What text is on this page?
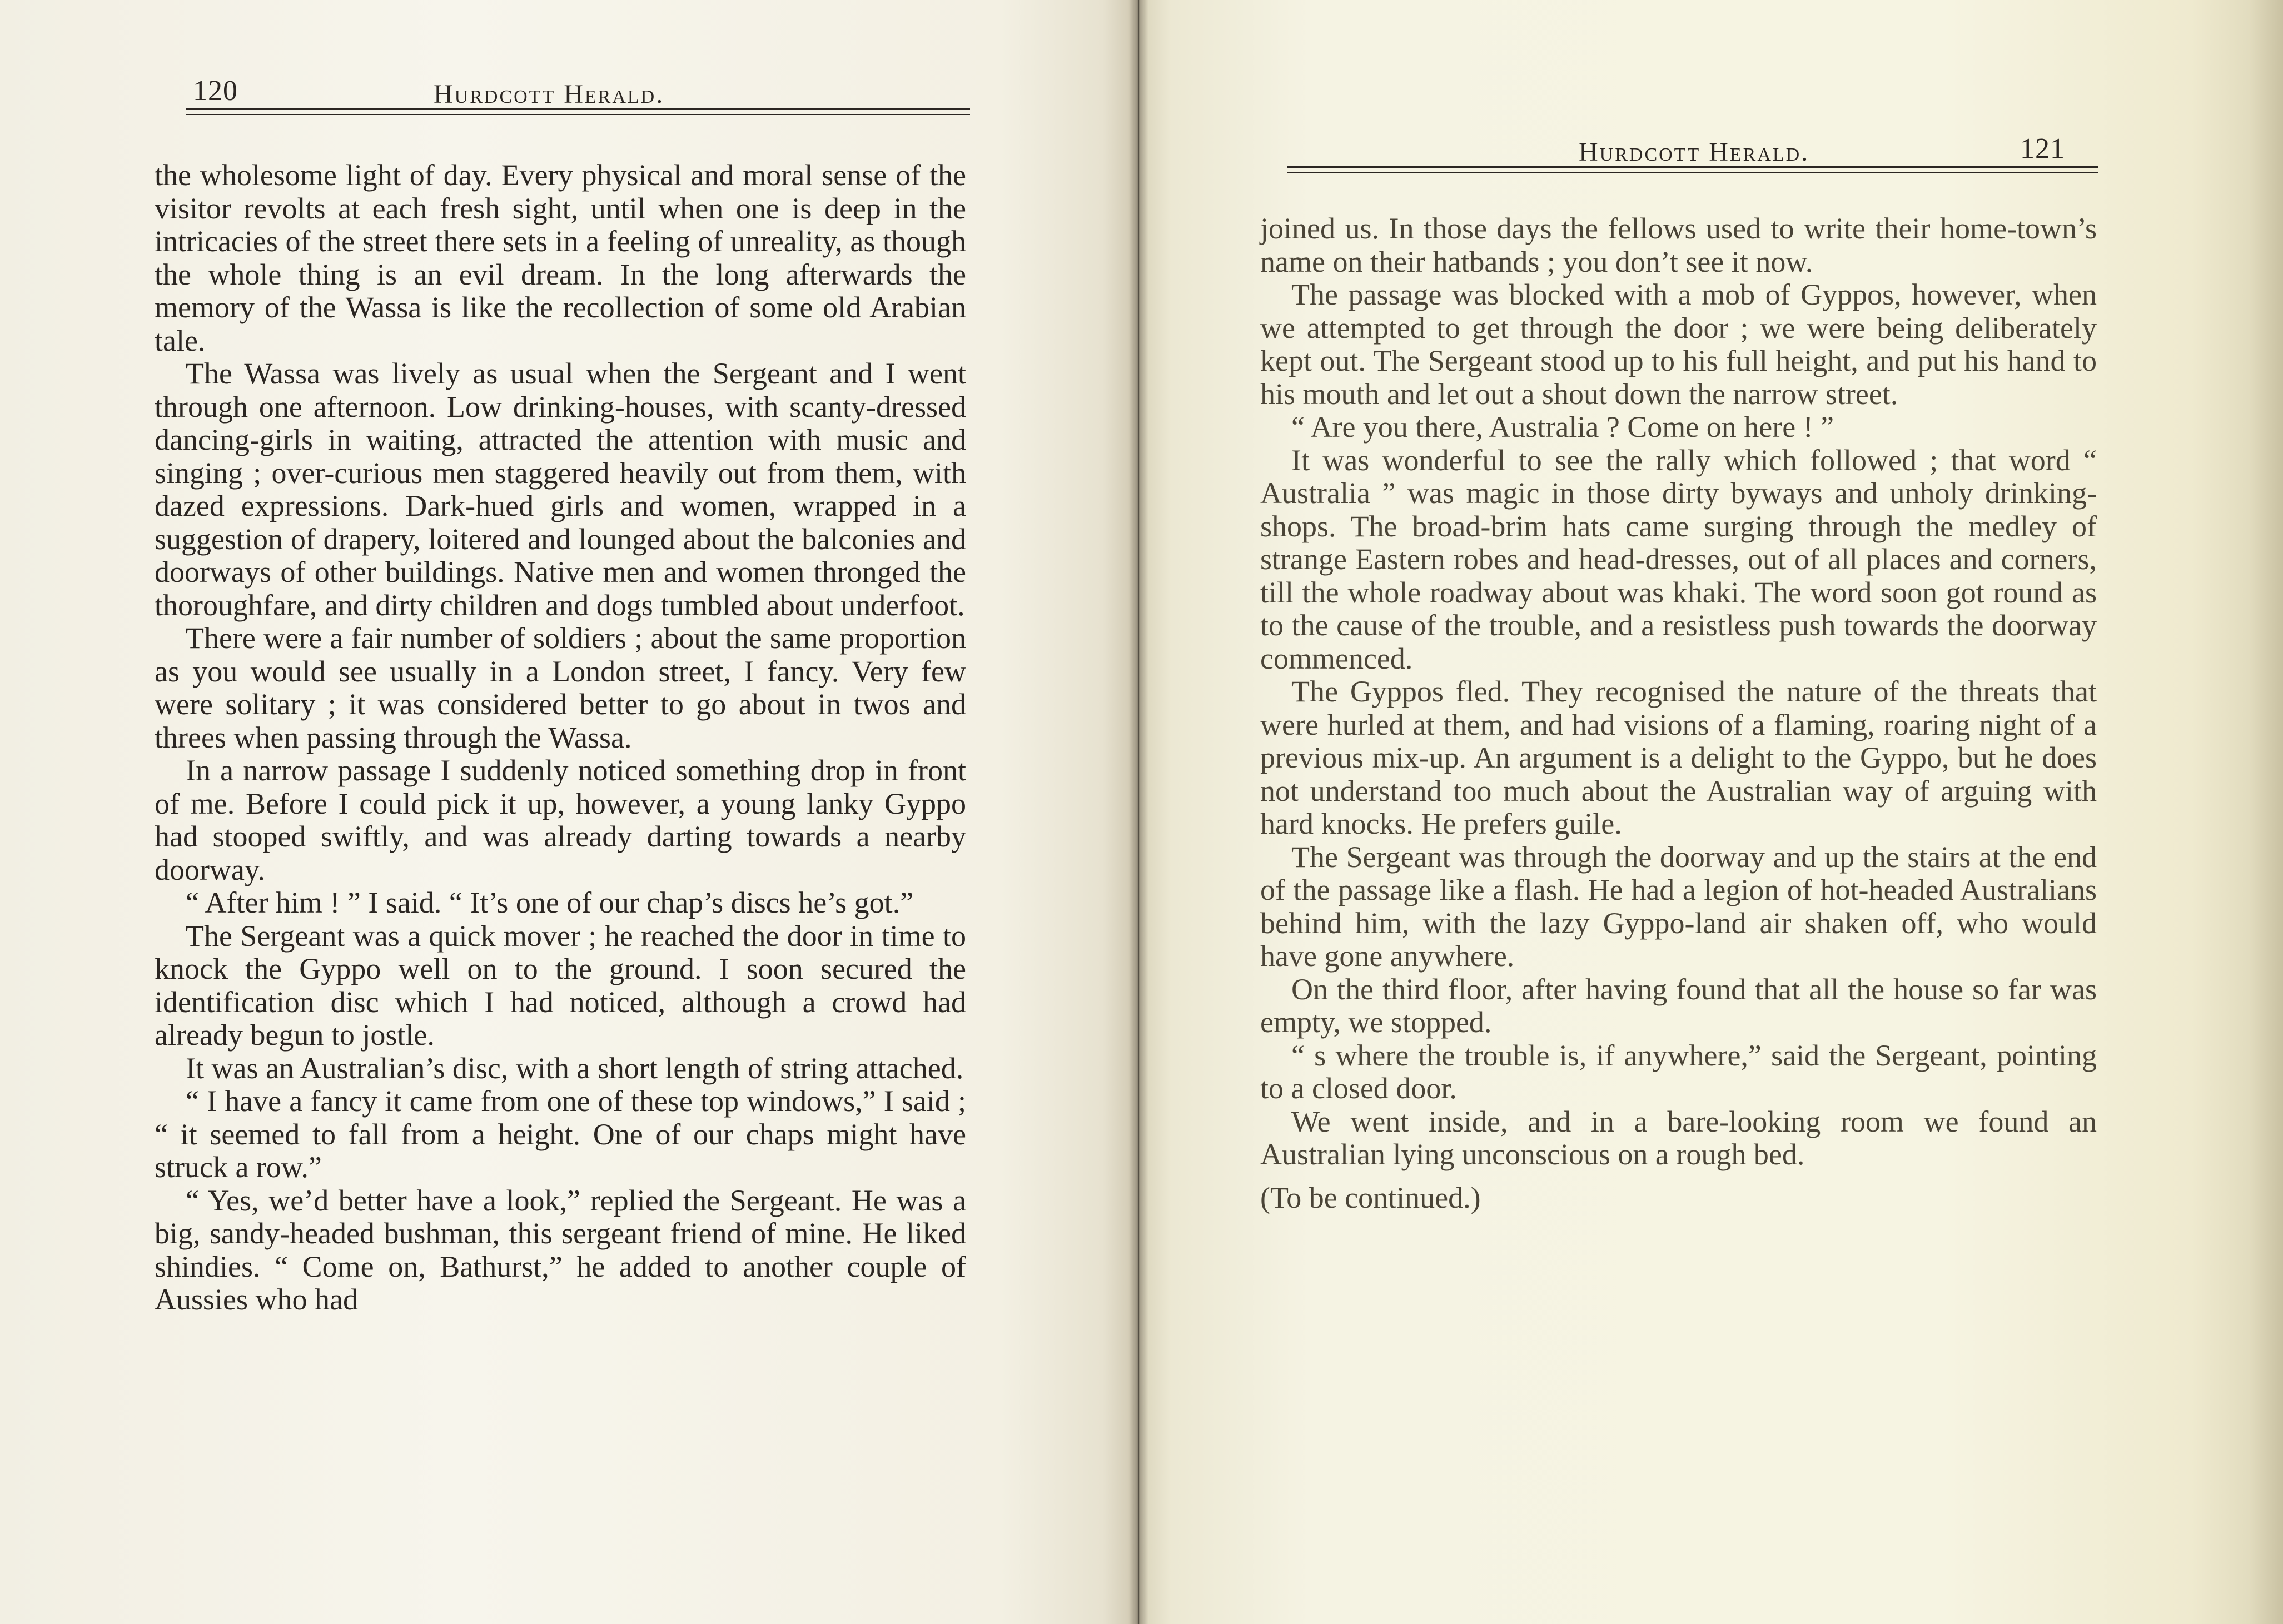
120	Hurdcott Herald.

the wholesome light of day. Every physical and moral sense of the visitor revolts at each fresh sight, until when one is deep in the intricacies of the street there sets in a feeling of unreality, as though the whole thing is an evil dream. In the long afterwards the memory of the Wassa is like the recollection of some old Arabian tale.

The Wassa was lively as usual when the Sergeant and I went through one afternoon. Low drinking-houses, with scanty-dressed dancing-girls in waiting, attracted the attention with music and singing ; over-curious men staggered heavily out from them, with dazed expressions. Dark-hued girls and women, wrapped in a suggestion of drapery, loitered and lounged about the balconies and doorways of other buildings. Native men and women thronged the thoroughfare, and dirty children and dogs tumbled about underfoot.

There were a fair number of soldiers ; about the same proportion as you would see usually in a London street, I fancy. Very few were solitary ; it was considered better to go about in twos and threes when passing through the Wassa.

In a narrow passage I suddenly noticed something drop in front of me. Before I could pick it up, however, a young lanky Gyppo had stooped swiftly, and was already darting towards a nearby doorway.

“ After him ! ” I said. “ It’s one of our chap’s discs he’s got.”

The Sergeant was a quick mover ; he reached the door in time to knock the Gyppo well on to the ground. I soon secured the identification disc which I had noticed, although a crowd had already begun to jostle.

It was an Australian’s disc, with a short length of string attached.

“ I have a fancy it came from one of these top windows,” I said ; “ it seemed to fall from a height. One of our chaps might have struck a row.”

“ Yes, we’d better have a look,” replied the Sergeant. He was a big, sandy-headed bushman, this sergeant friend of mine. He liked shindies. “ Come on, Bathurst,” he added to another couple of Aussies who had

Hurdcott Herald.	121

joined us. In those days the fellows used to write their home-town’s name on their hatbands ; you don’t see it now.

The passage was blocked with a mob of Gyppos, however, when we attempted to get through the door ; we were being deliberately kept out. The Sergeant stood up to his full height, and put his hand to his mouth and let out a shout down the narrow street.

“ Are you there, Australia ? Come on here ! ”

It was wonderful to see the rally which followed ; that word “ Australia ” was magic in those dirty byways and unholy drinking-shops. The broad-brim hats came surging through the medley of strange Eastern robes and head-dresses, out of all places and corners, till the whole roadway about was khaki. The word soon got round as to the cause of the trouble, and a resistless push towards the doorway commenced.

The Gyppos fled. They recognised the nature of the threats that were hurled at them, and had visions of a flaming, roaring night of a previous mix-up. An argument is a delight to the Gyppo, but he does not understand too much about the Australian way of arguing with hard knocks. He prefers guile.

The Sergeant was through the doorway and up the stairs at the end of the passage like a flash. He had a legion of hot-headed Australians behind him, with the lazy Gyppo-land air shaken off, who would have gone anywhere.

On the third floor, after having found that all the house so far was empty, we stopped.

“ s where the trouble is, if anywhere,” said the Sergeant, pointing to a closed door.

We went inside, and in a bare-looking room we found an Australian lying unconscious on a rough bed.

(To be continued.)
